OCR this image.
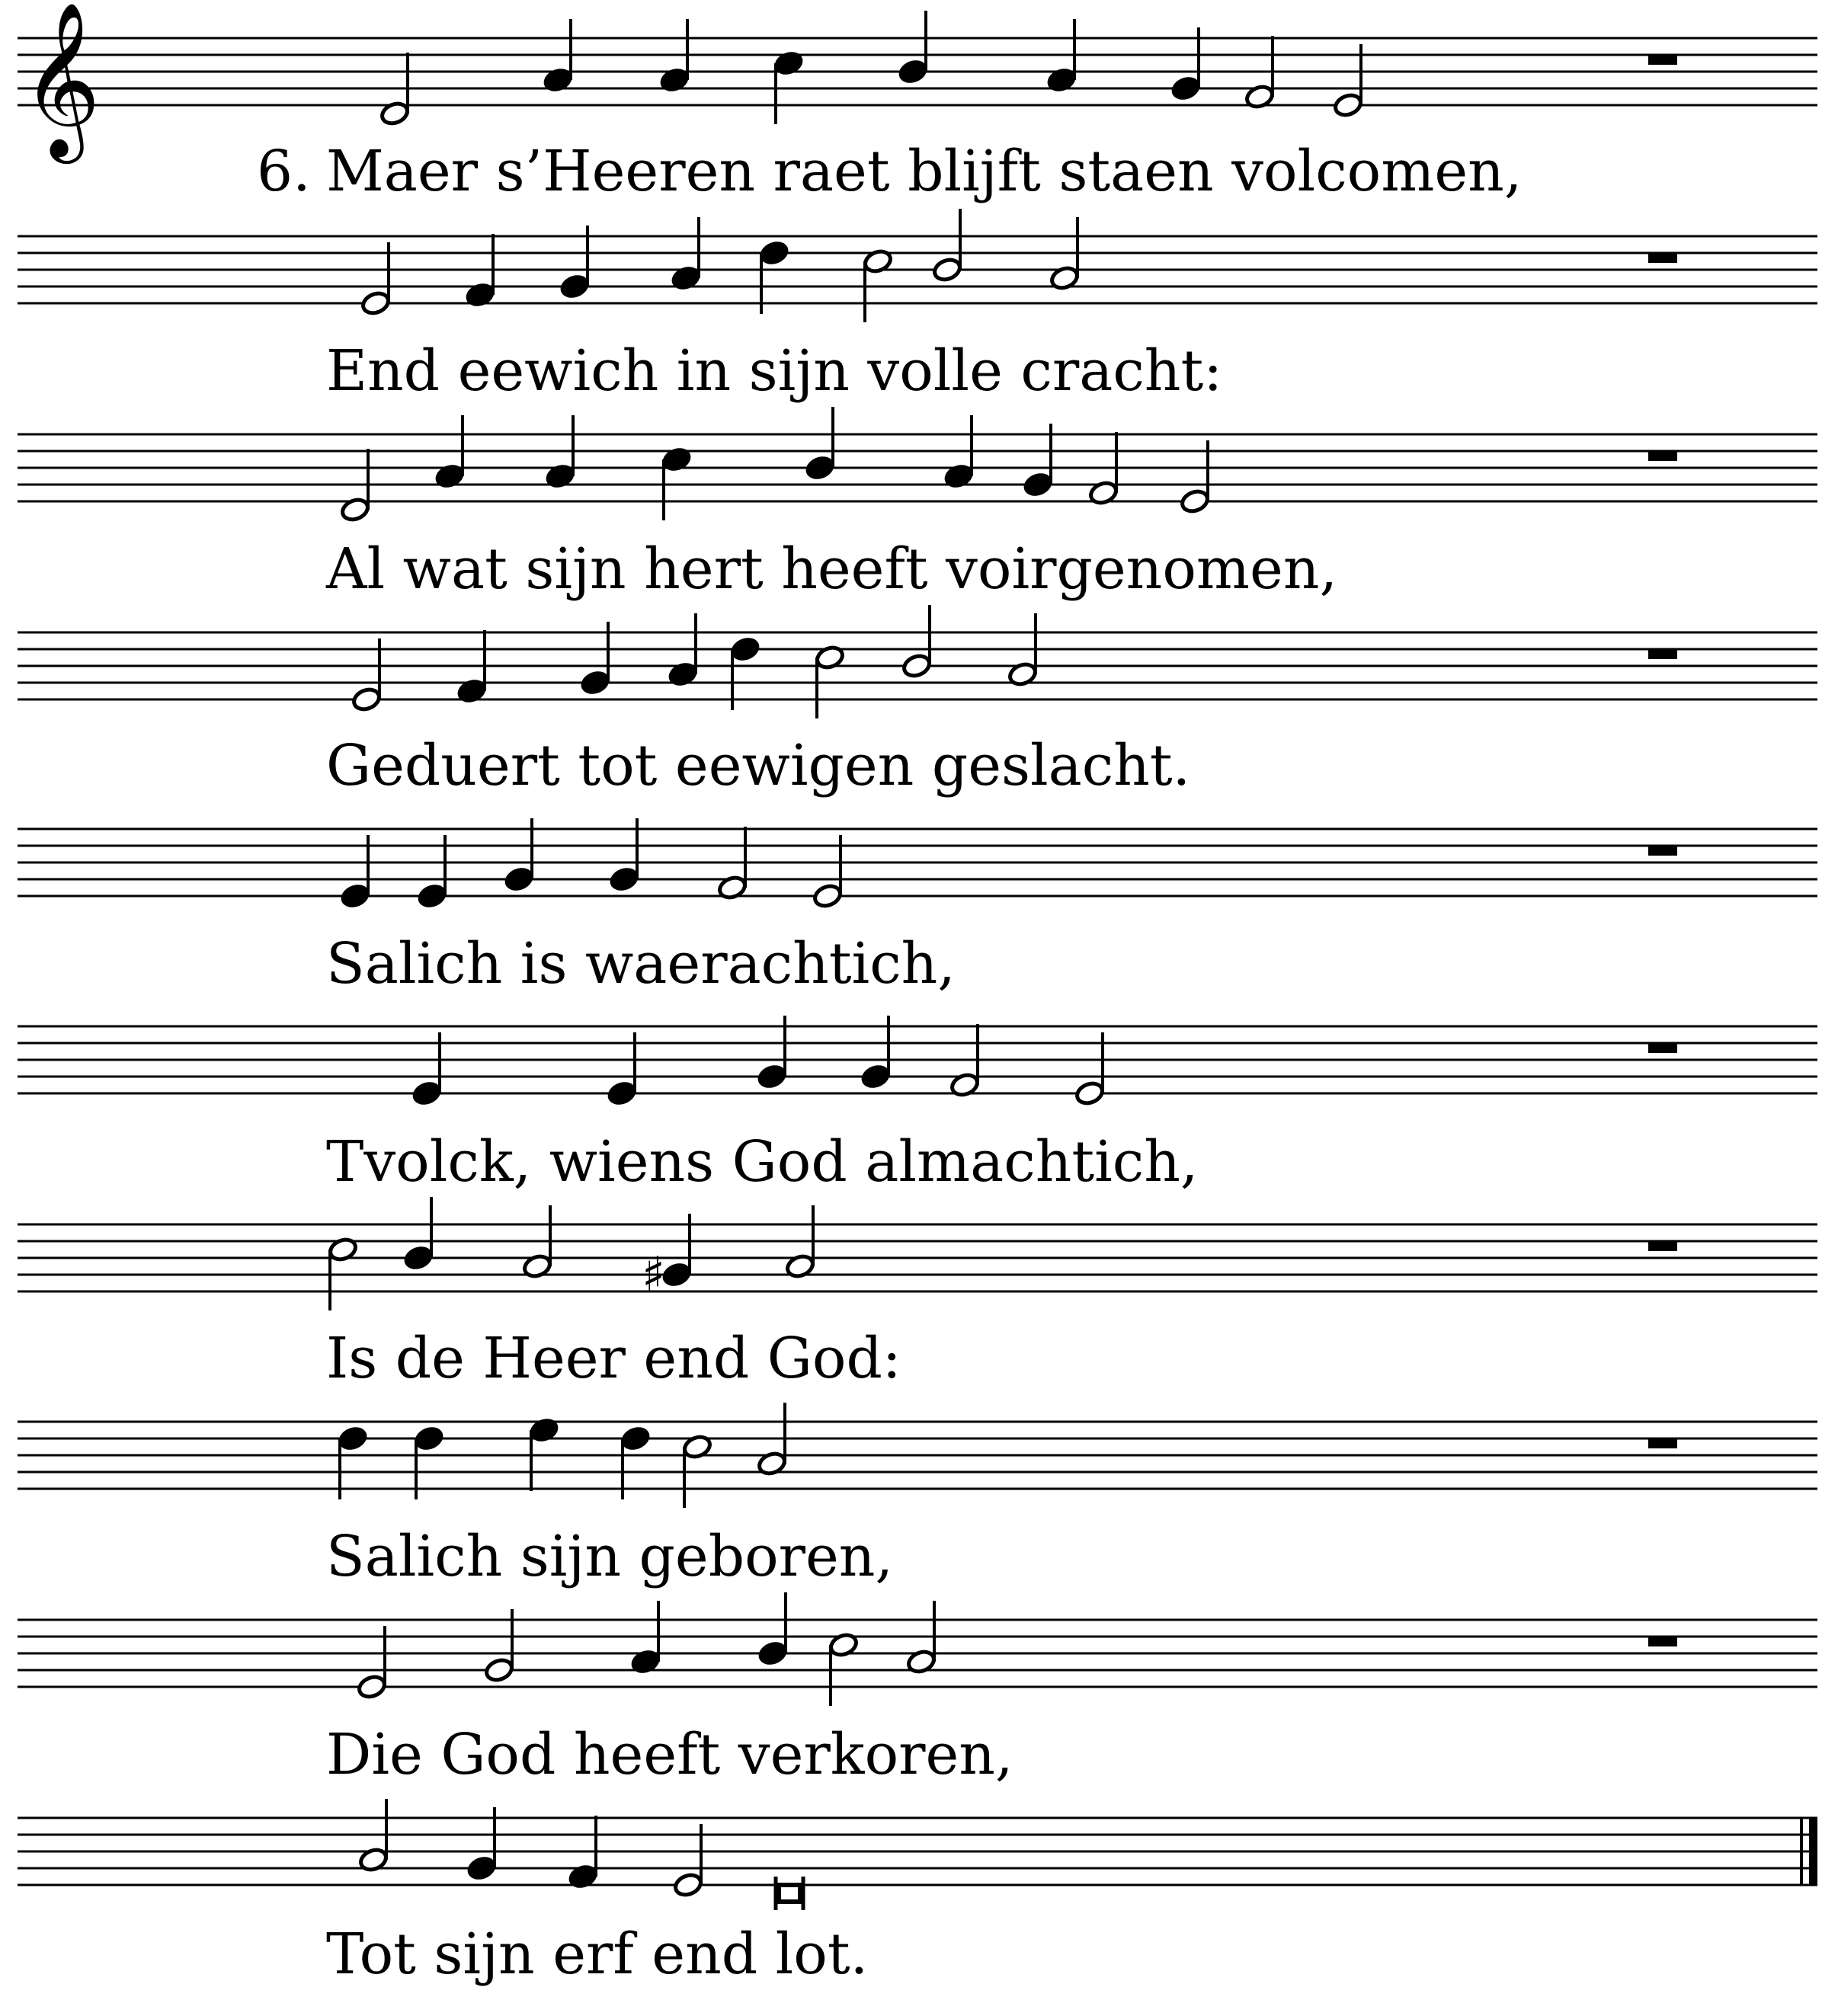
𝄞
♯
6. Maer s’Heeren raet blijft staen volcomen,
End eewich in sijn volle cracht:
Al wat sijn hert heeft voirgenomen,
Geduert tot eewigen geslacht.
Salich is waerachtich,
Tvolck, wiens God almachtich,
Is de Heer end God:
Salich sijn geboren,
Die God heeft verkoren,
Tot sijn erf end lot.
